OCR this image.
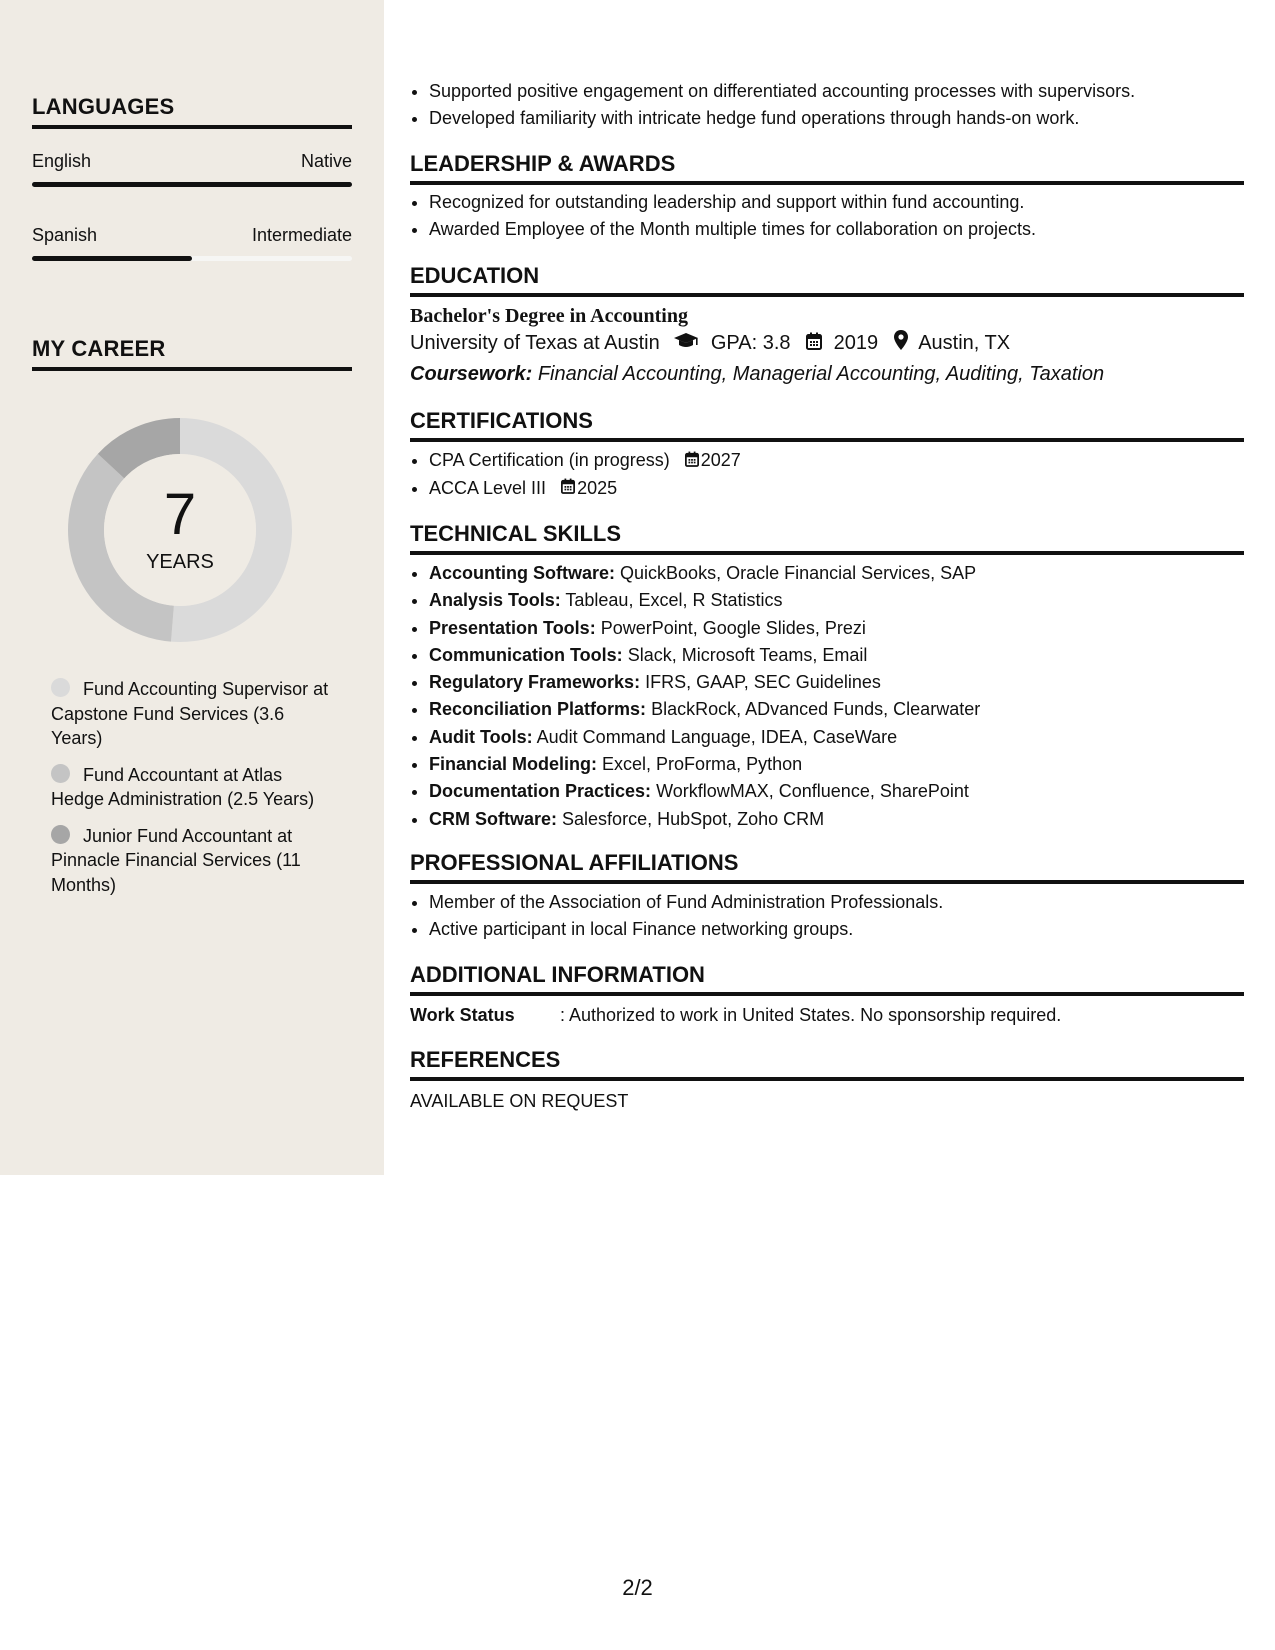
LANGUAGES
English	Native
Spanish	Intermediate
MY CAREER
7
YEARS
Fund Accounting Supervisor at Capstone Fund Services (3.6 Years)
Fund Accountant at Atlas Hedge Administration (2.5 Years)
Junior Fund Accountant at Pinnacle Financial Services (11 Months)
• Supported positive engagement on differentiated accounting processes with supervisors.
• Developed familiarity with intricate hedge fund operations through hands-on work.
LEADERSHIP & AWARDS
• Recognized for outstanding leadership and support within fund accounting.
• Awarded Employee of the Month multiple times for collaboration on projects.
EDUCATION
Bachelor's Degree in Accounting
University of Texas at Austin	GPA: 3.8 2019 Austin, TX
Coursework: Financial Accounting, Managerial Accounting, Auditing, Taxation
CERTIFICATIONS
• CPA Certification (in progress) 2027
• ACCA Level III 2025
TECHNICAL SKILLS
• Accounting Software: QuickBooks, Oracle Financial Services, SAP
• Analysis Tools: Tableau, Excel, R Statistics
• Presentation Tools: PowerPoint, Google Slides, Prezi
• Communication Tools: Slack, Microsoft Teams, Email
• Regulatory Frameworks: IFRS, GAAP, SEC Guidelines
• Reconciliation Platforms: BlackRock, ADvanced Funds, Clearwater
• Audit Tools: Audit Command Language, IDEA, CaseWare
• Financial Modeling: Excel, ProForma, Python
• Documentation Practices: WorkflowMAX, Confluence, SharePoint
• CRM Software: Salesforce, HubSpot, Zoho CRM
PROFESSIONAL AFFILIATIONS
• Member of the Association of Fund Administration Professionals.
• Active participant in local Finance networking groups.
ADDITIONAL INFORMATION
Work Status	: Authorized to work in United States. No sponsorship required.
REFERENCES
AVAILABLE ON REQUEST
2/2
